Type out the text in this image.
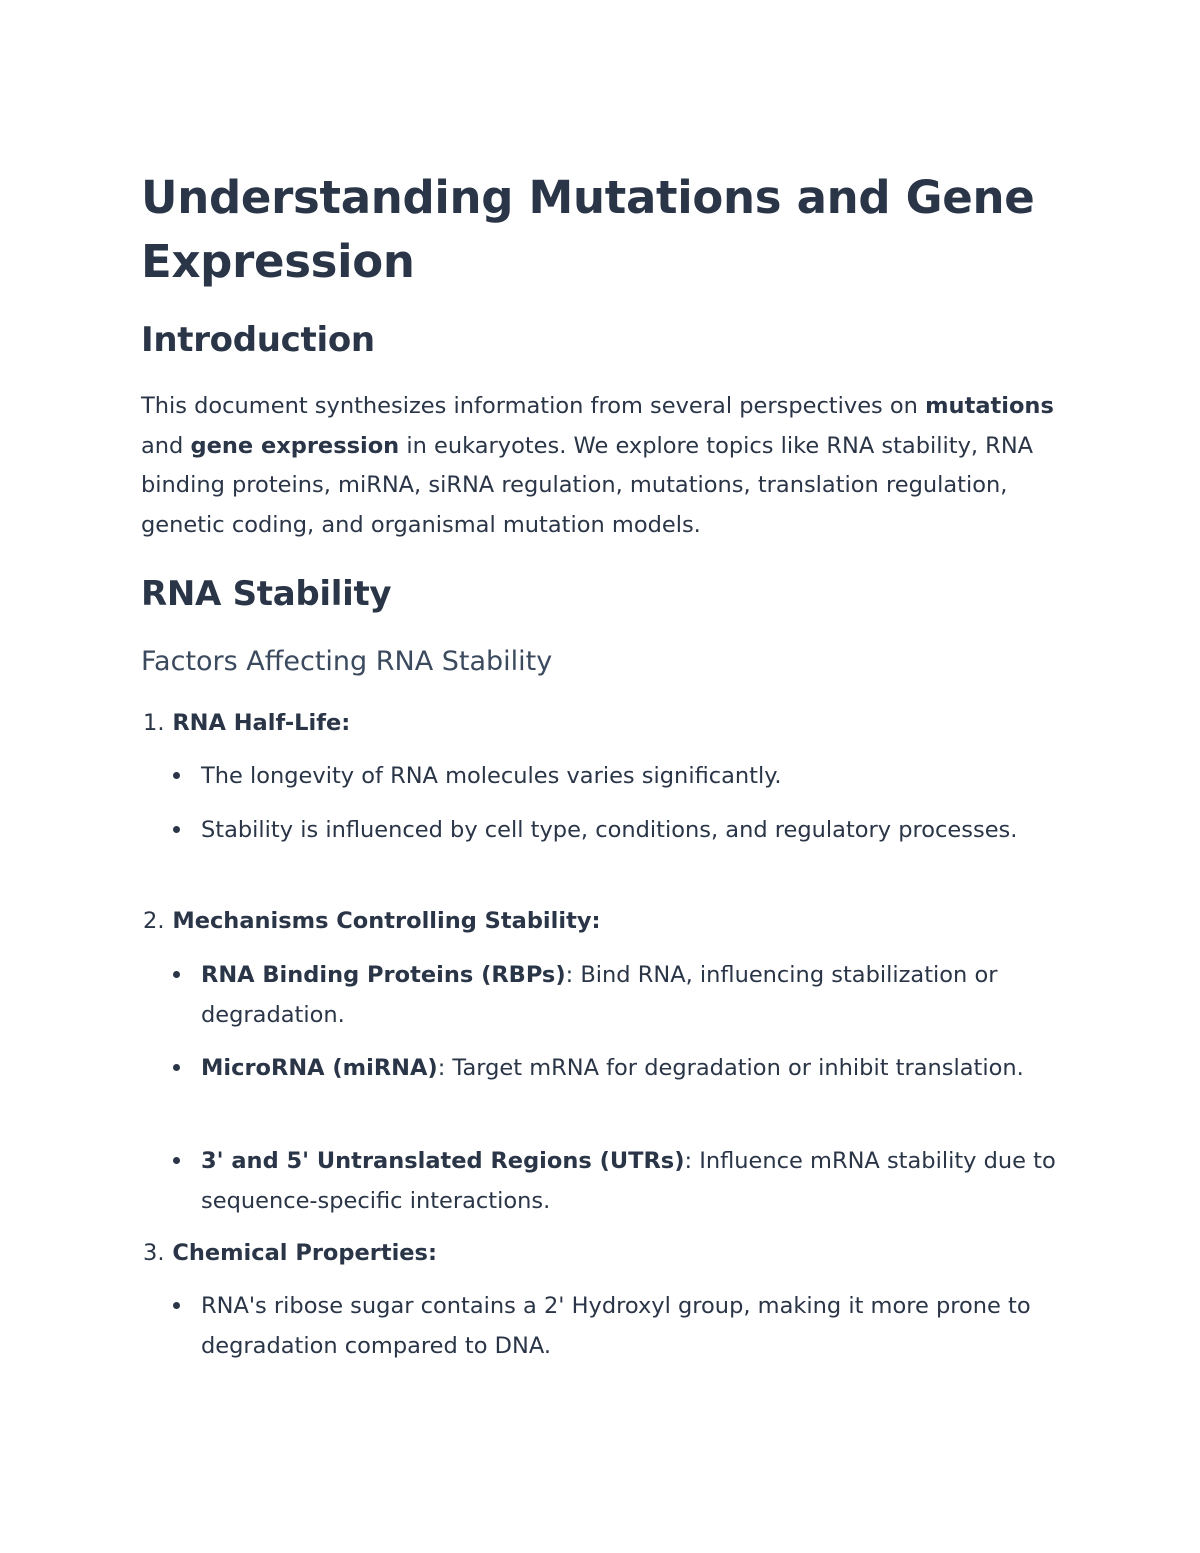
Understanding Mutations and Gene Expression
Introduction

This document synthesizes information from several perspectives on mutations and gene expression in eukaryotes. We explore topics like RNA stability, RNA binding proteins, miRNA, siRNA regulation, mutations, translation regulation, genetic coding, and organismal mutation models.

RNA Stability
Factors Affecting RNA Stability
1. RNA Half-Life:
The longevity of RNA molecules varies significantly.
Stability is influenced by cell type, conditions, and regulatory processes.
2. Mechanisms Controlling Stability:
RNA Binding Proteins (RBPs): Bind RNA, influencing stabilization or degradation.
MicroRNA (miRNA): Target mRNA for degradation or inhibit translation.
3' and 5' Untranslated Regions (UTRs): Influence mRNA stability due to sequence-specific interactions.
3. Chemical Properties:
RNA's ribose sugar contains a 2' Hydroxyl group, making it more prone to degradation compared to DNA.
